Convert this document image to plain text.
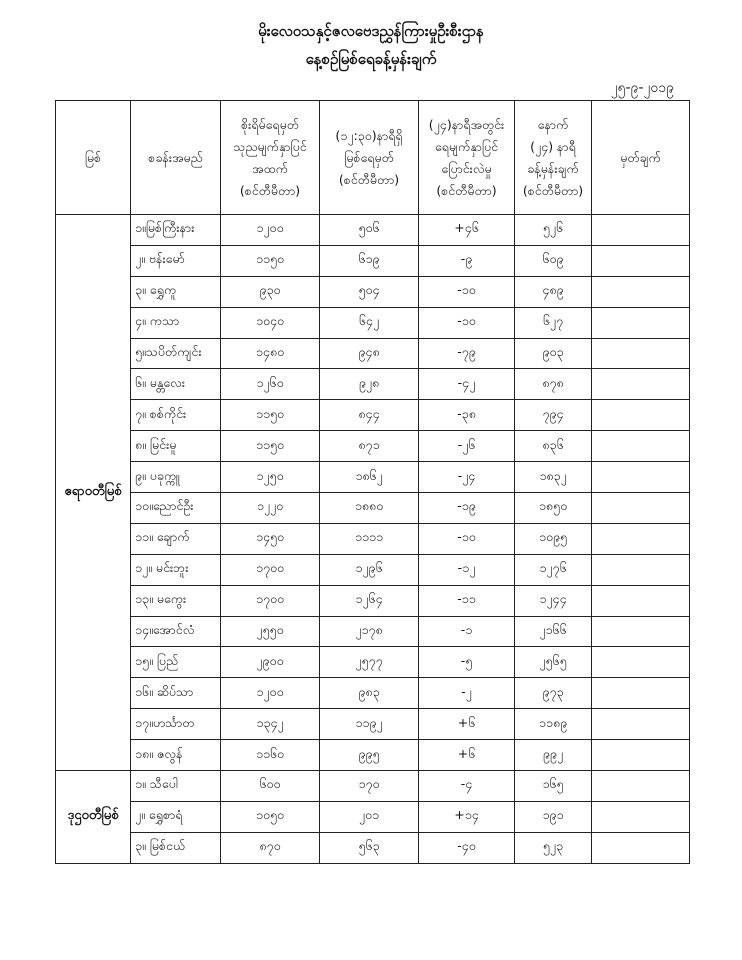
မိုးလေဝသနှင့်ဇလဗေဒညွှန်ကြားမှုဦးစီးဌာန
နေ့စဉ်မြစ်ရေခန့်မှန်းချက်
၂၅-၉-၂၀၁၉
မြစ်	စခန်းအမည်	စိုးရိမ်ရေမှတ်
သုညမျက်နှာပြင်
အထက်
(စင်တီမီတာ)	(၁၂:၃၀)နာရီရှိ
မြစ်ရေမှတ်
(စင်တီမီတာ)	(၂၄)နာရီအတွင်း
ရေမျက်နှာပြင်
ပြောင်းလဲမှု
(စင်တီမီတာ)	နောက်
(၂၄) နာရီ
ခန့်မှန်းချက်
(စင်တီမီတာ)	မှတ်ချက်
ဧရာဝတီမြစ်	၁။မြစ်ကြီးနား	၁၂၀၀	၅၀၆	+၄၆	၅၂၆	
	၂။ ဗန်းမော်	၁၁၅၀	၆၁၉	-၉	၆၀၉	
	၃။ ရွှေကူ	၉၃၀	၅၀၄	-၁၀	၄၈၉	
	၄။ ကသာ	၁၀၄၀	၆၄၂	-၁၀	၆၂၇	
	၅။သပိတ်ကျင်း	၁၄၈၀	၉၄၈	-၇၉	၉၀၃	
	၆။ မန္တလေး	၁၂၆၀	၉၂၈	-၄၂	၈၇၈	
	၇။ စစ်ကိုင်း	၁၁၅၀	၈၄၄	-၃၈	၇၉၄	
	၈။ မြင်းမူ	၁၁၅၀	၈၇၁	-၂၆	၈၃၆	
	၉။ ပခုက္ကူ	၁၂၅၀	၁၈၆၂	-၂၄	၁၈၃၂	
	၁၀။ညောင်ဦး	၁၂၂၀	၁၈၈၀	-၁၉	၁၈၅၀	
	၁၁။ ချောက်	၁၄၅၀	၁၁၁၁	-၁၀	၁၀၉၅	
	၁၂။ မင်းဘူး	၁၇၀၀	၁၂၉၆	-၁၂	၁၂၇၆	
	၁၃။ မကွေး	၁၇၀၀	၁၂၆၄	-၁၁	၁၂၄၄	
	၁၄။အောင်လံ	၂၅၅၀	၂၁၇၈	-၁	၂၁၆၆	
	၁၅။ ပြည်	၂၉၀၀	၂၅၇၇	-၅	၂၅၆၅	
	၁၆။ ဆိပ်သာ	၁၂၀၀	၉၈၃	-၂	၉၇၃	
	၁၇။ဟင်္သာတ	၁၃၄၂	၁၁၉၂	+၆	၁၁၈၉	
	၁၈။ ဇလွန်	၁၁၆၀	၉၉၅	+၆	၉၉၂	
ဒုဌဝတီမြစ်	၁။ သီပေါ	၆၀၀	၁၇၀	-၄	၁၆၅	
	၂။ ရွှေစာရံ	၁၀၅၀	၂၀၁	+၁၄	၁၉၁	
	၃။ မြစ်ငယ်	၈၇၀	၅၆၃	-၄၀	၅၂၃	
